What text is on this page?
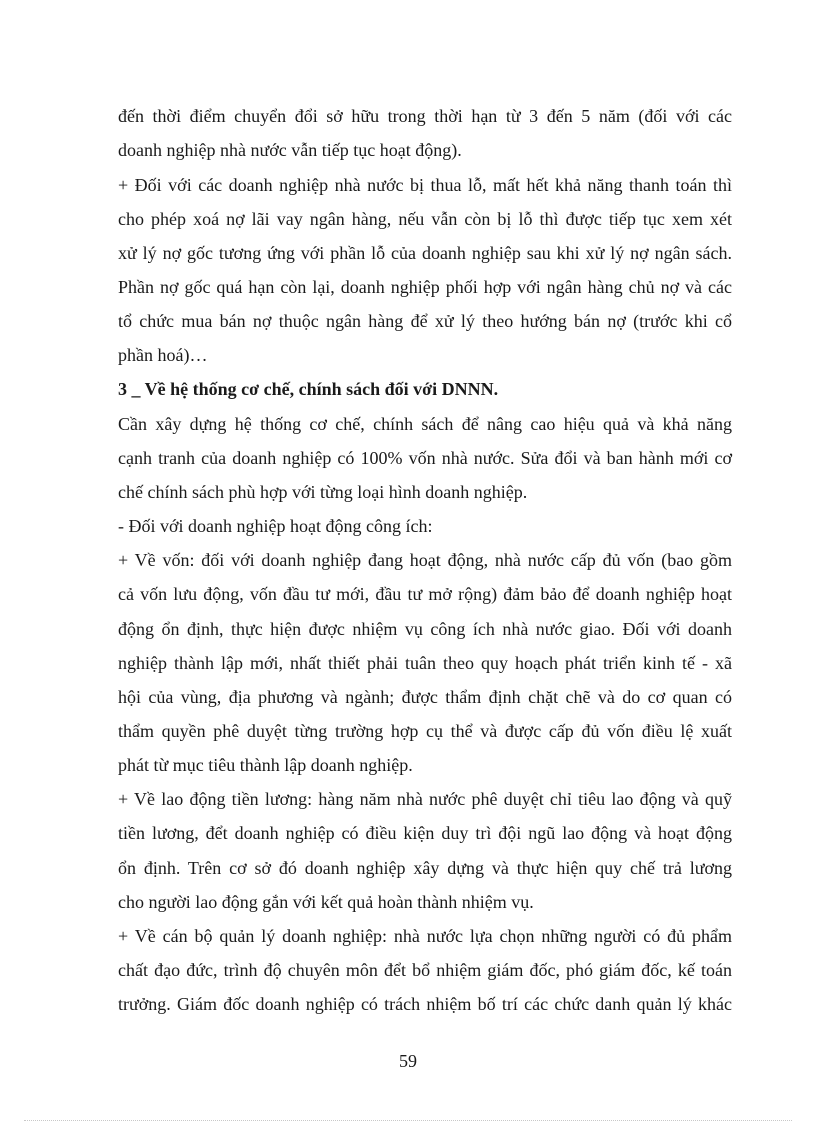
đến thời điểm chuyển đổi sở hữu trong thời hạn từ 3 đến 5 năm (đối với các
doanh nghiệp nhà nước vẫn tiếp tục hoạt động).
+ Đối với các doanh nghiệp nhà nước bị thua lỗ, mất hết khả năng thanh toán thì
cho phép xoá nợ lãi vay ngân hàng, nếu vẫn còn bị lỗ thì được tiếp tục xem xét
xử lý nợ gốc tương ứng với phần lỗ của doanh nghiệp sau khi xử lý nợ ngân sách.
Phần nợ gốc quá hạn còn lại, doanh nghiệp phối hợp với ngân hàng chủ nợ và các
tổ chức mua bán nợ thuộc ngân hàng để xử lý theo hướng bán nợ (trước khi cổ
phần hoá)…
3 _ Về hệ thống cơ chế, chính sách đối với DNNN.
Cần xây dựng hệ thống cơ chế, chính sách để nâng cao hiệu quả và khả năng
cạnh tranh của doanh nghiệp có 100% vốn nhà nước. Sửa đổi và ban hành mới cơ
chế chính sách phù hợp với từng loại hình doanh nghiệp.
- Đối với doanh nghiệp hoạt động công ích:
+ Về vốn: đối với doanh nghiệp đang hoạt động, nhà nước cấp đủ vốn (bao gồm
cả vốn lưu động, vốn đầu tư mới, đầu tư mở rộng) đảm bảo để doanh nghiệp hoạt
động ổn định, thực hiện được nhiệm vụ công ích nhà nước giao. Đối với doanh
nghiệp thành lập mới, nhất thiết phải tuân theo quy hoạch phát triển kinh tế - xã
hội của vùng, địa phương và ngành; được thẩm định chặt chẽ và do cơ quan có
thẩm quyền phê duyệt từng trường hợp cụ thể và được cấp đủ vốn điều lệ xuất
phát từ mục tiêu thành lập doanh nghiệp.
+ Về lao động tiền lương: hàng năm nhà nước phê duyệt chỉ tiêu lao động và quỹ
tiền lương, đểt doanh nghiệp có điều kiện duy trì đội ngũ lao động và hoạt động
ổn định. Trên cơ sở đó doanh nghiệp xây dựng và thực hiện quy chế trả lương
cho người lao động gắn với kết quả hoàn thành nhiệm vụ.
+ Về cán bộ quản lý doanh nghiệp: nhà nước lựa chọn những người có đủ phẩm
chất đạo đức, trình độ chuyên môn đểt bổ nhiệm giám đốc, phó giám đốc, kế toán
trưởng. Giám đốc doanh nghiệp có trách nhiệm bố trí các chức danh quản lý khác
59
